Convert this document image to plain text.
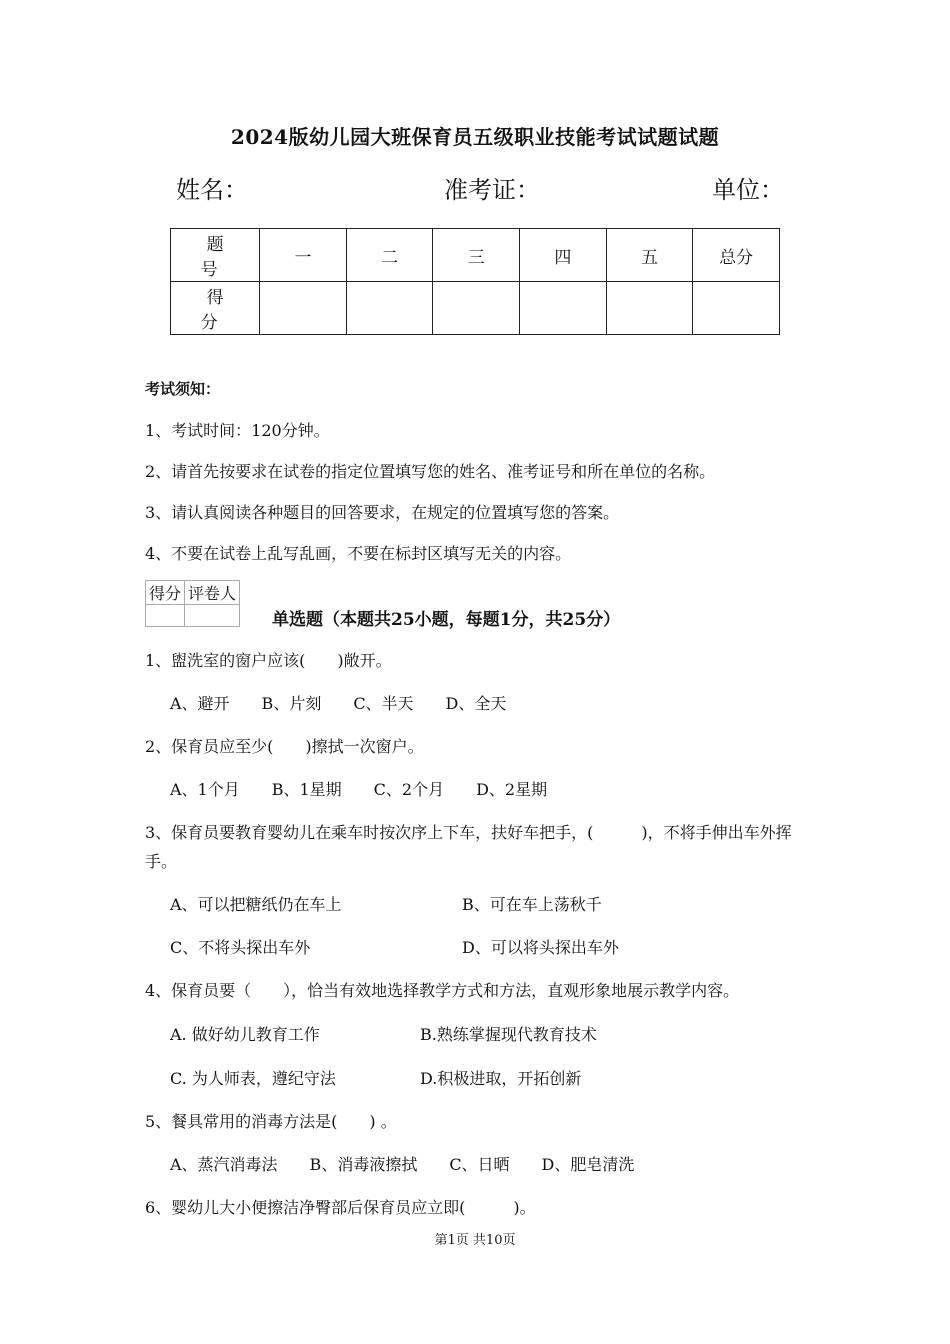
2024版幼儿园大班保育员五级职业技能考试试题试题
姓名：	准考证：	单位：
题　号	一	二	三	四	五	总分
得　分						
考试须知：
1、考试时间：120分钟。
2、请首先按要求在试卷的指定位置填写您的姓名、准考证号和所在单位的名称。
3、请认真阅读各种题目的回答要求，在规定的位置填写您的答案。
4、不要在试卷上乱写乱画，不要在标封区填写无关的内容。
得分	评卷人

单选题（本题共25小题，每题1分，共25分）
1、盥洗室的窗户应该(　　)敞开。
A、避开　　B、片刻　　C、半天　　D、全天
2、保育员应至少(　　)擦拭一次窗户。
A、1个月　　B、1星期　　C、2个月　　D、2星期
3、保育员要教育婴幼儿在乘车时按次序上下车，扶好车把手，(　　　)，不将手伸出车外挥
手。
A、可以把糖纸仍在车上	B、可在车上荡秋千
C、不将头探出车外	D、可以将头探出车外
4、保育员要（　　），恰当有效地选择教学方式和方法，直观形象地展示教学内容。
A. 做好幼儿教育工作	B.熟练掌握现代教育技术
C. 为人师表，遵纪守法	D.积极进取，开拓创新
5、餐具常用的消毒方法是(　　) 。
A、蒸汽消毒法　　B、消毒液擦拭　　C、日晒　　D、肥皂清洗
6、婴幼儿大小便擦洁净臀部后保育员应立即(　　　)。
第1页 共10页
